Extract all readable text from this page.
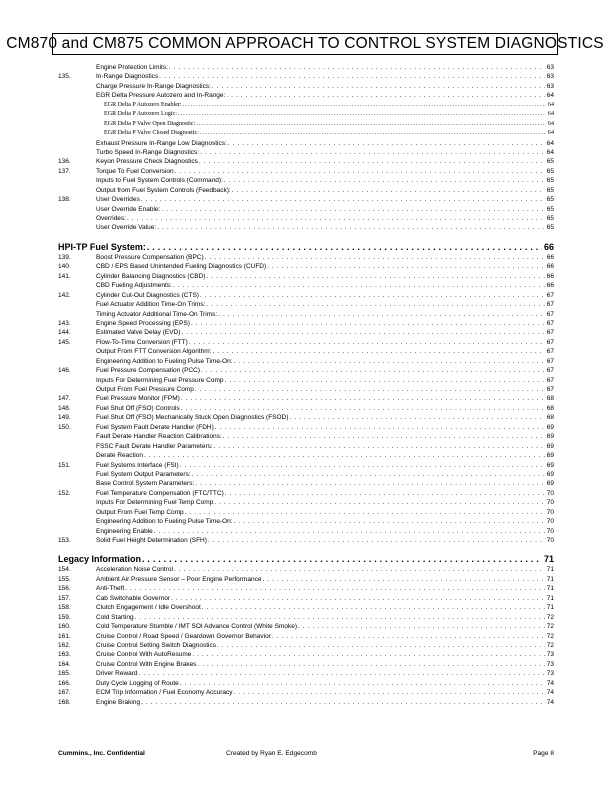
CM870 and CM875 COMMON APPROACH TO CONTROL SYSTEM DIAGNOSTICS
Engine Protection Limits: . . .	63
135.	In-Range Diagnostics . . .	63
Charge Pressure In-Range Diagnostics: . . .	63
EGR Delta Pressure Autozero and In-Range: . . .	64
EGR Delta P Autozero Enabler: . . .	64
EGR Delta P Autozero Logic: . . .	64
EGR Delta P Valve Open Diagnostic: . . .	64
EGR Delta P Valve Closed Diagnostic: . . .	64
Exhaust Pressure In-Range Low Diagnostics: . . .	64
Turbo Speed In-Range Diagnostics: . . .	64
136.	Keyon Pressure Check Diagnostics . . .	65
137.	Torque To Fuel Conversion . . .	65
Inputs to Fuel System Controls (Command): . . .	65
Output from Fuel System Controls (Feedback): . . .	65
138.	User Overrides . . .	65
User Override Enable: . . .	65
Overrides: . . .	65
User Override Value: . . .	65
HPI-TP Fuel System: . . .	66
139.	Boost Pressure Compensation (BPC) . . .	66
140.	CBD / EPS Based Unintended Fueling Diagnostics (CUFD) . . .	66
141.	Cylinder Balancing Diagnostics (CBD) . . .	66
CBD Fueling Adjustments: . . .	66
142.	Cylinder Cut-Out Diagnostics (CTS) . . .	67
Fuel Actuator Addition Time-On Trims: . . .	67
Timing Actuator Additional Time-On Trims: . . .	67
143.	Engine Speed Processing (EPS) . . .	67
144.	Estimated Valve Delay (EVD) . . .	67
145.	Flow-To-Time Conversion (FTT) . . .	67
Output From FTT Conversion Algorithm: . . .	67
Engineering Addition to Fueling Pulse Time-On: . . .	67
146.	Fuel Pressure Compensation (PCC) . . .	67
Inputs For Determining Fuel Pressure Comp . . .	67
Output From Fuel Pressure Comp . . .	67
147.	Fuel Pressure Monitor (FPM) . . .	68
148.	Fuel Shut Off (FSO) Controls . . .	68
149.	Fuel Shut Off (FSO) Mechanically Stuck Open Diagnostics (FSOD) . . .	68
150.	Fuel System Fault Derate Handler (FDH) . . .	69
Fault Derate Handler Reaction Calibrations: . . .	69
FSSC Fault Derate Handler Parameters: . . .	69
Derate Reaction . . .	69
151.	Fuel Systems Interface (FSI) . . .	69
Fuel System Output Parameters: . . .	69
Base Control System Parameters: . . .	69
152.	Fuel Temperature Compensation (FTC/TTC) . . .	70
Inputs For Determining Fuel Temp Comp . . .	70
Output From Fuel Temp Comp . . .	70
Engineering Addition to Fueling Pulse Time-On: . . .	70
Engineering Enable . . .	70
153.	Solid Fuel Height Determination (SFH) . . .	70
Legacy Information . . .	71
154.	Acceleration Noise Control . . .	71
155.	Ambient Air Pressure Sensor – Poor Engine Performance . . .	71
156.	Anti-Theft . . .	71
157.	Cab Switchable Governor . . .	71
158.	Clutch Engagement / Idle Overshoot . . .	71
159.	Cold Starting . . .	72
160.	Cold Temperature Stumble / IMT SOI Advance Control (White Smoke) . . .	72
161.	Cruise Control / Road Speed / Geardown Governor Behavior . . .	72
162.	Cruise Control Setting Switch Diagnostics . . .	72
163.	Cruise Control With AutoResume . . .	73
164.	Cruise Control With Engine Brakes . . .	73
165.	Driver Reward . . .	73
166.	Duty Cycle Logging of Route . . .	74
167.	ECM Trip Information / Fuel Economy Accuracy . . .	74
168.	Engine Braking . . .	74
Cummins., Inc. Confidential	Created by Ryan E. Edgecomb	Page 8
